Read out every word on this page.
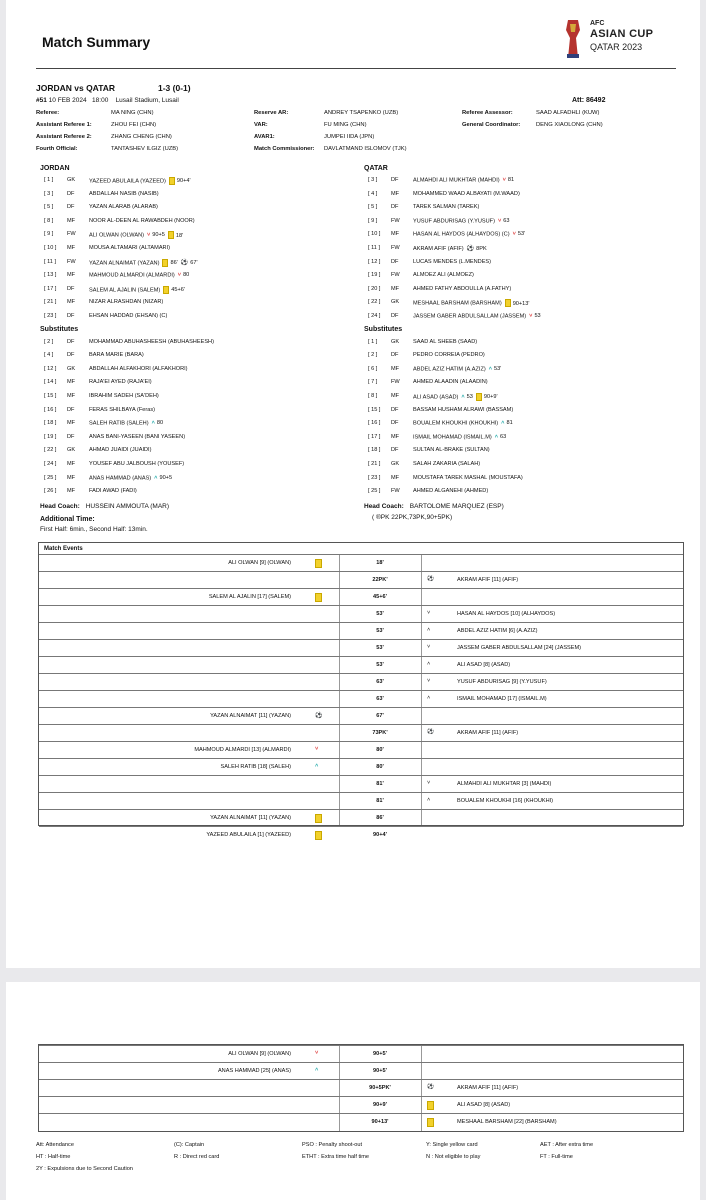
Match Summary
AFC
ASIAN CUP
QATAR 2023
JORDAN vs QATAR	1-3 (0-1)
#51 10 FEB 2024 18:00 Lusail Stadium, Lusail	Att: 86492
Referee:	MA NING (CHN)
Assistant Referee 1:	ZHOU FEI (CHN)
Assistant Referee 2:	ZHANG CHENG (CHN)
Fourth Official:	TANTASHEV ILGIZ (UZB)
Reserve AR:	ANDREY TSAPENKO (UZB)
VAR:	FU MING (CHN)
AVAR1:	JUMPEI IIDA (JPN)
Match Commissioner: DAVLATMAND ISLOMOV (TJK)
Referee Assessor:	SAAD ALFADHLI (KUW)
General Coordinator:	DENG XIAOLONG (CHN)
JORDAN
[ 1 ]	GK YAZEED ABULAILA (YAZEED) 90+4'
[ 3 ]	DF	ABDALLAH NASIB (NASIB)
[ 5 ]	DF	YAZAN ALARAB (ALARAB)
[ 8 ]	MF NOOR AL-DEEN AL RAWABDEH (NOOR)
[ 9 ]	FW ALI OLWAN (OLWAN) ˅ 90+5 18'
[ 10 ]	MF MOUSA ALTAMARI (ALTAMARI)
[ 11 ]	FW YAZAN ALNAIMAT (YAZAN) 86' ⚽ 67'
[ 13 ]	MF MAHMOUD ALMARDI (ALMARDI) ˅ 80
[ 17 ]	DF	SALEM AL AJALIN (SALEM) 45+6'
[ 21 ]	MF NIZAR ALRASHDAN (NIZAR)
[ 23 ]	DF	EHSAN HADDAD (EHSAN) (C)
Substitutes
[ 2 ]	DF	MOHAMMAD ABUHASHEESH (ABUHASHEESH)
[ 4 ]	DF	BARA MARIE (BARA)
[ 12 ]	GK ABDALLAH ALFAKHORI (ALFAKHORI)
[ 14 ]	MF RAJA'EI AYED (RAJA'EI)
[ 15 ]	MF IBRAHIM SADEH (SA'DEH)
[ 16 ]	DF	FERAS SHILBAYA (Feras)
[ 18 ]	MF SALEH RATIB (SALEH) ˄ 80
[ 19 ]	DF	ANAS BANI-YASEEN (BANI YASEEN)
[ 22 ]	GK AHMAD JUAIDI (JUAIDI)
[ 24 ]	MF YOUSEF ABU JALBOUSH (YOUSEF)
[ 25 ]	MF ANAS HAMMAD (ANAS) ˄ 90+5
[ 26 ]	MF FADI AWAD (FADI)
Head Coach: HUSSEIN AMMOUTA (MAR)
Additional Time:
First Half: 6min., Second Half: 13min.
QATAR
[ 3 ]	DF	ALMAHDI ALI MUKHTAR (MAHDI) ˅ 81
[ 4 ]	MF MOHAMMED WAAD ALBAYATI (M.WAAD)
[ 5 ]	DF	TAREK SALMAN (TAREK)
[ 9 ]	FW YUSUF ABDURISAG (Y.YUSUF) ˅ 63
[ 10 ]	MF HASAN AL HAYDOS (ALHAYDOS) (C) ˅ 53'
[ 11 ]	FW AKRAM AFIF (AFIF) ⚽ 8PK
[ 12 ]	DF	LUCAS MENDES (L.MENDES)
[ 19 ]	FW ALMOEZ ALI (ALMOEZ)
[ 20 ]	MF AHMED FATHY ABDOULLA (A.FATHY)
[ 22 ]	GK MESHAAL BARSHAM (BARSHAM) 90+13'
[ 24 ]	DF	JASSEM GABER ABDULSALLAM (JASSEM) ˅ 53
Substitutes
[ 1 ]	GK SAAD AL SHEEB (SAAD)
[ 2 ]	DF	PEDRO CORREIA (PEDRO)
[ 6 ]	MF ABDEL AZIZ HATIM (A.AZIZ) ˄ 53'
[ 7 ]	FW AHMED ALAADIN (ALAADIN)
[ 8 ]	MF ALI ASAD (ASAD) ˄ 53 90+9'
[ 15 ]	DF	BASSAM HUSHAM ALRAWI (BASSAM)
[ 16 ]	DF	BOUALEM KHOUKHI (KHOUKHI) ˄ 81
[ 17 ]	MF ISMAIL MOHAMAD (ISMAIL.M) ˄ 63
[ 18 ]	DF	SULTAN AL-BRAKE (SULTAN)
[ 21 ]	GK SALAH ZAKARIA (SALAH)
[ 23 ]	MF MOUSTAFA TAREK MASHAL (MOUSTAFA)
[ 25 ]	FW AHMED ALGANEHI (AHMED)
Head Coach: BARTOLOME MARQUEZ (ESP)
( ®PK 22PK,73PK,90+5PK)
Match Events
ALI OLWAN [9] (OLWAN)	18'
22PK'	⚽	AKRAM AFIF [11] (AFIF)
SALEM AL AJALIN [17] (SALEM)	45+6'
53'	˅	HASAN AL HAYDOS [10] (ALHAYDOS)
53'	˄	ABDEL AZIZ HATIM [6] (A.AZIZ)
53'	˅	JASSEM GABER ABDULSALLAM [24] (JASSEM)
53'	˄	ALI ASAD [8] (ASAD)
63'	˅	YUSUF ABDURISAG [9] (Y.YUSUF)
63'	˄	ISMAIL MOHAMAD [17] (ISMAIL.M)
YAZAN ALNAIMAT [11] (YAZAN)	⚽	67'
73PK'	⚽	AKRAM AFIF [11] (AFIF)
MAHMOUD ALMARDI [13] (ALMARDI)	˅	80'
SALEH RATIB [18] (SALEH)	˄	80'
81'	˅	ALMAHDI ALI MUKHTAR [3] (MAHDI)
81'	˄	BOUALEM KHOUKHI [16] (KHOUKHI)
YAZAN ALNAIMAT [11] (YAZAN)	86'
YAZEED ABULAILA [1] (YAZEED)	90+4'
ALI OLWAN [9] (OLWAN)	˅	90+5'
ANAS HAMMAD [25] (ANAS)	˄	90+5'
90+5PK'	⚽	AKRAM AFIF [11] (AFIF)
90+9'	ALI ASAD [8] (ASAD)
90+13'	MESHAAL BARSHAM [22] (BARSHAM)
Att: Attendance	(C): Captain	PSO : Penalty shoot-out	Y: Single yellow card	AET : After extra time
HT : Half-time	R : Direct red card	ETHT : Extra time half time	N : Not eligible to play	FT : Full-time
2Y : Expulsions due to Second Caution
